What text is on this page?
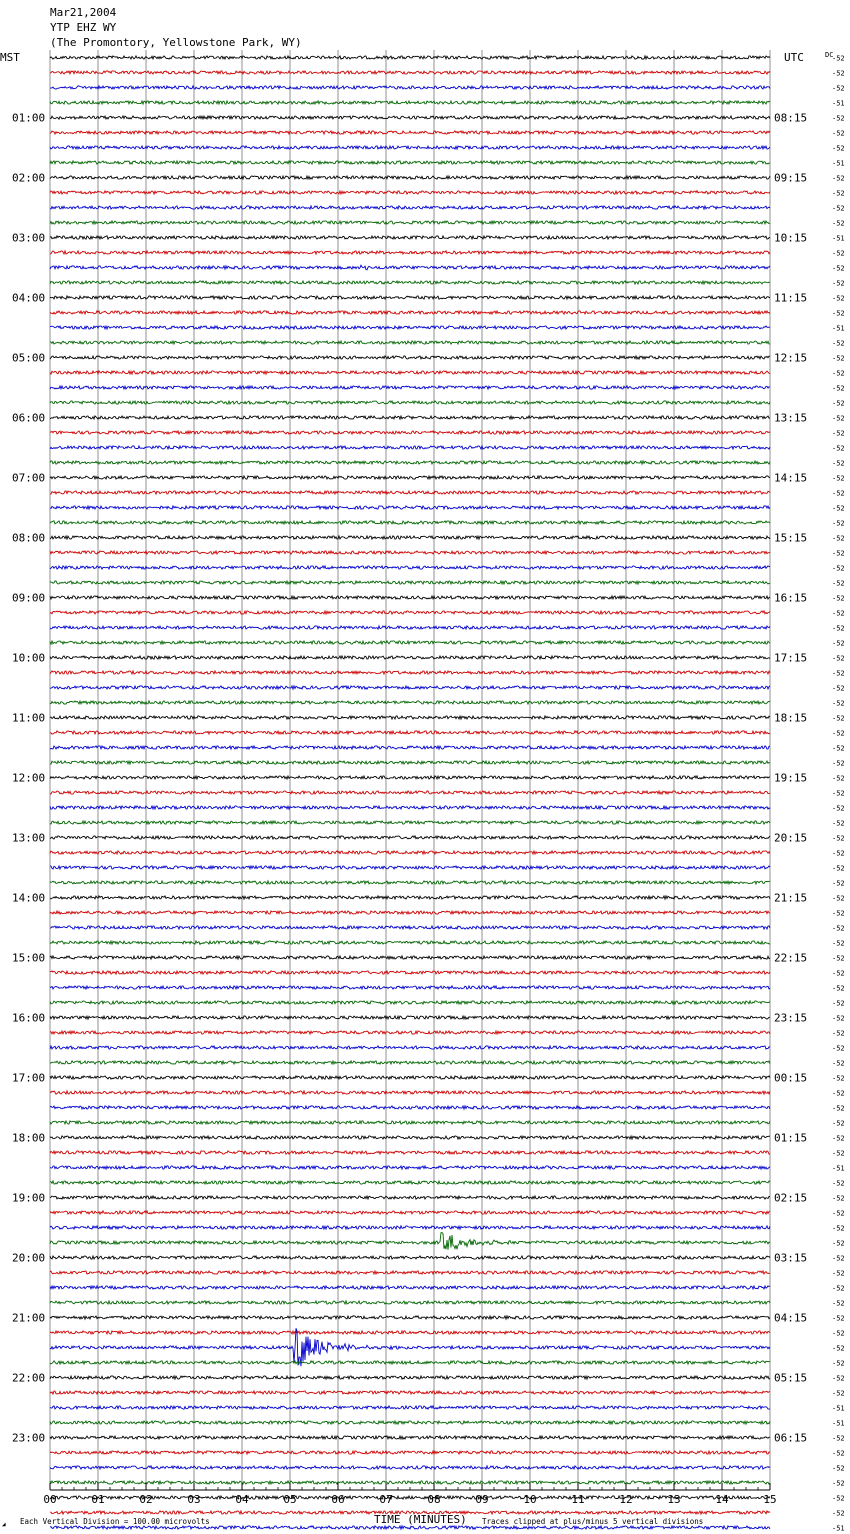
Mar21,2004
YTP EHZ WY
(The Promontory, Yellowstone Park, WY)
MST	UTC	DC
01:00
02:00
03:00
04:00
05:00
06:00
07:00
08:00
09:00
10:00
11:00
12:00
13:00
14:00
15:00
16:00
17:00
18:00
19:00
20:00
21:00
22:00
23:00
08:15
09:15
10:15
11:15
12:15
13:15
14:15
15:15
16:15
17:15
18:15
19:15
20:15
21:15
22:15
23:15
00:15
01:15
02:15
03:15
04:15
05:15
06:15
-52
-52
-52
-51
-52
-52
-52
-51
-52
-52
-52
-52
-51
-52
-52
-52
-52
-52
-51
-52
-52
-52
-52
-52
-52
-52
-52
-52
-52
-52
-52
-52
-52
-52
-52
-52
-52
-52
-52
-52
-52
-52
-52
-52
-52
-52
-52
-52
-52
-52
-52
-52
-52
-52
-52
-52
-52
-52
-52
-52
-52
-52
-52
-52
-52
-52
-52
-52
-52
-52
-52
-52
-52
-52
-51
-52
-52
-52
-52
-52
-52
-52
-52
-52
-52
-52
-52
-52
-52
-52
-51
-51
-52
-52
-52
-52
-52
-52
-51
00	01	02	03	04	05	06	07	08	09	10	11	12	13	14	15
TIME (MINUTES)
Each Vertical Division = 100.00 microvolts	Traces clipped at plus/minus 5 vertical divisions
◢
